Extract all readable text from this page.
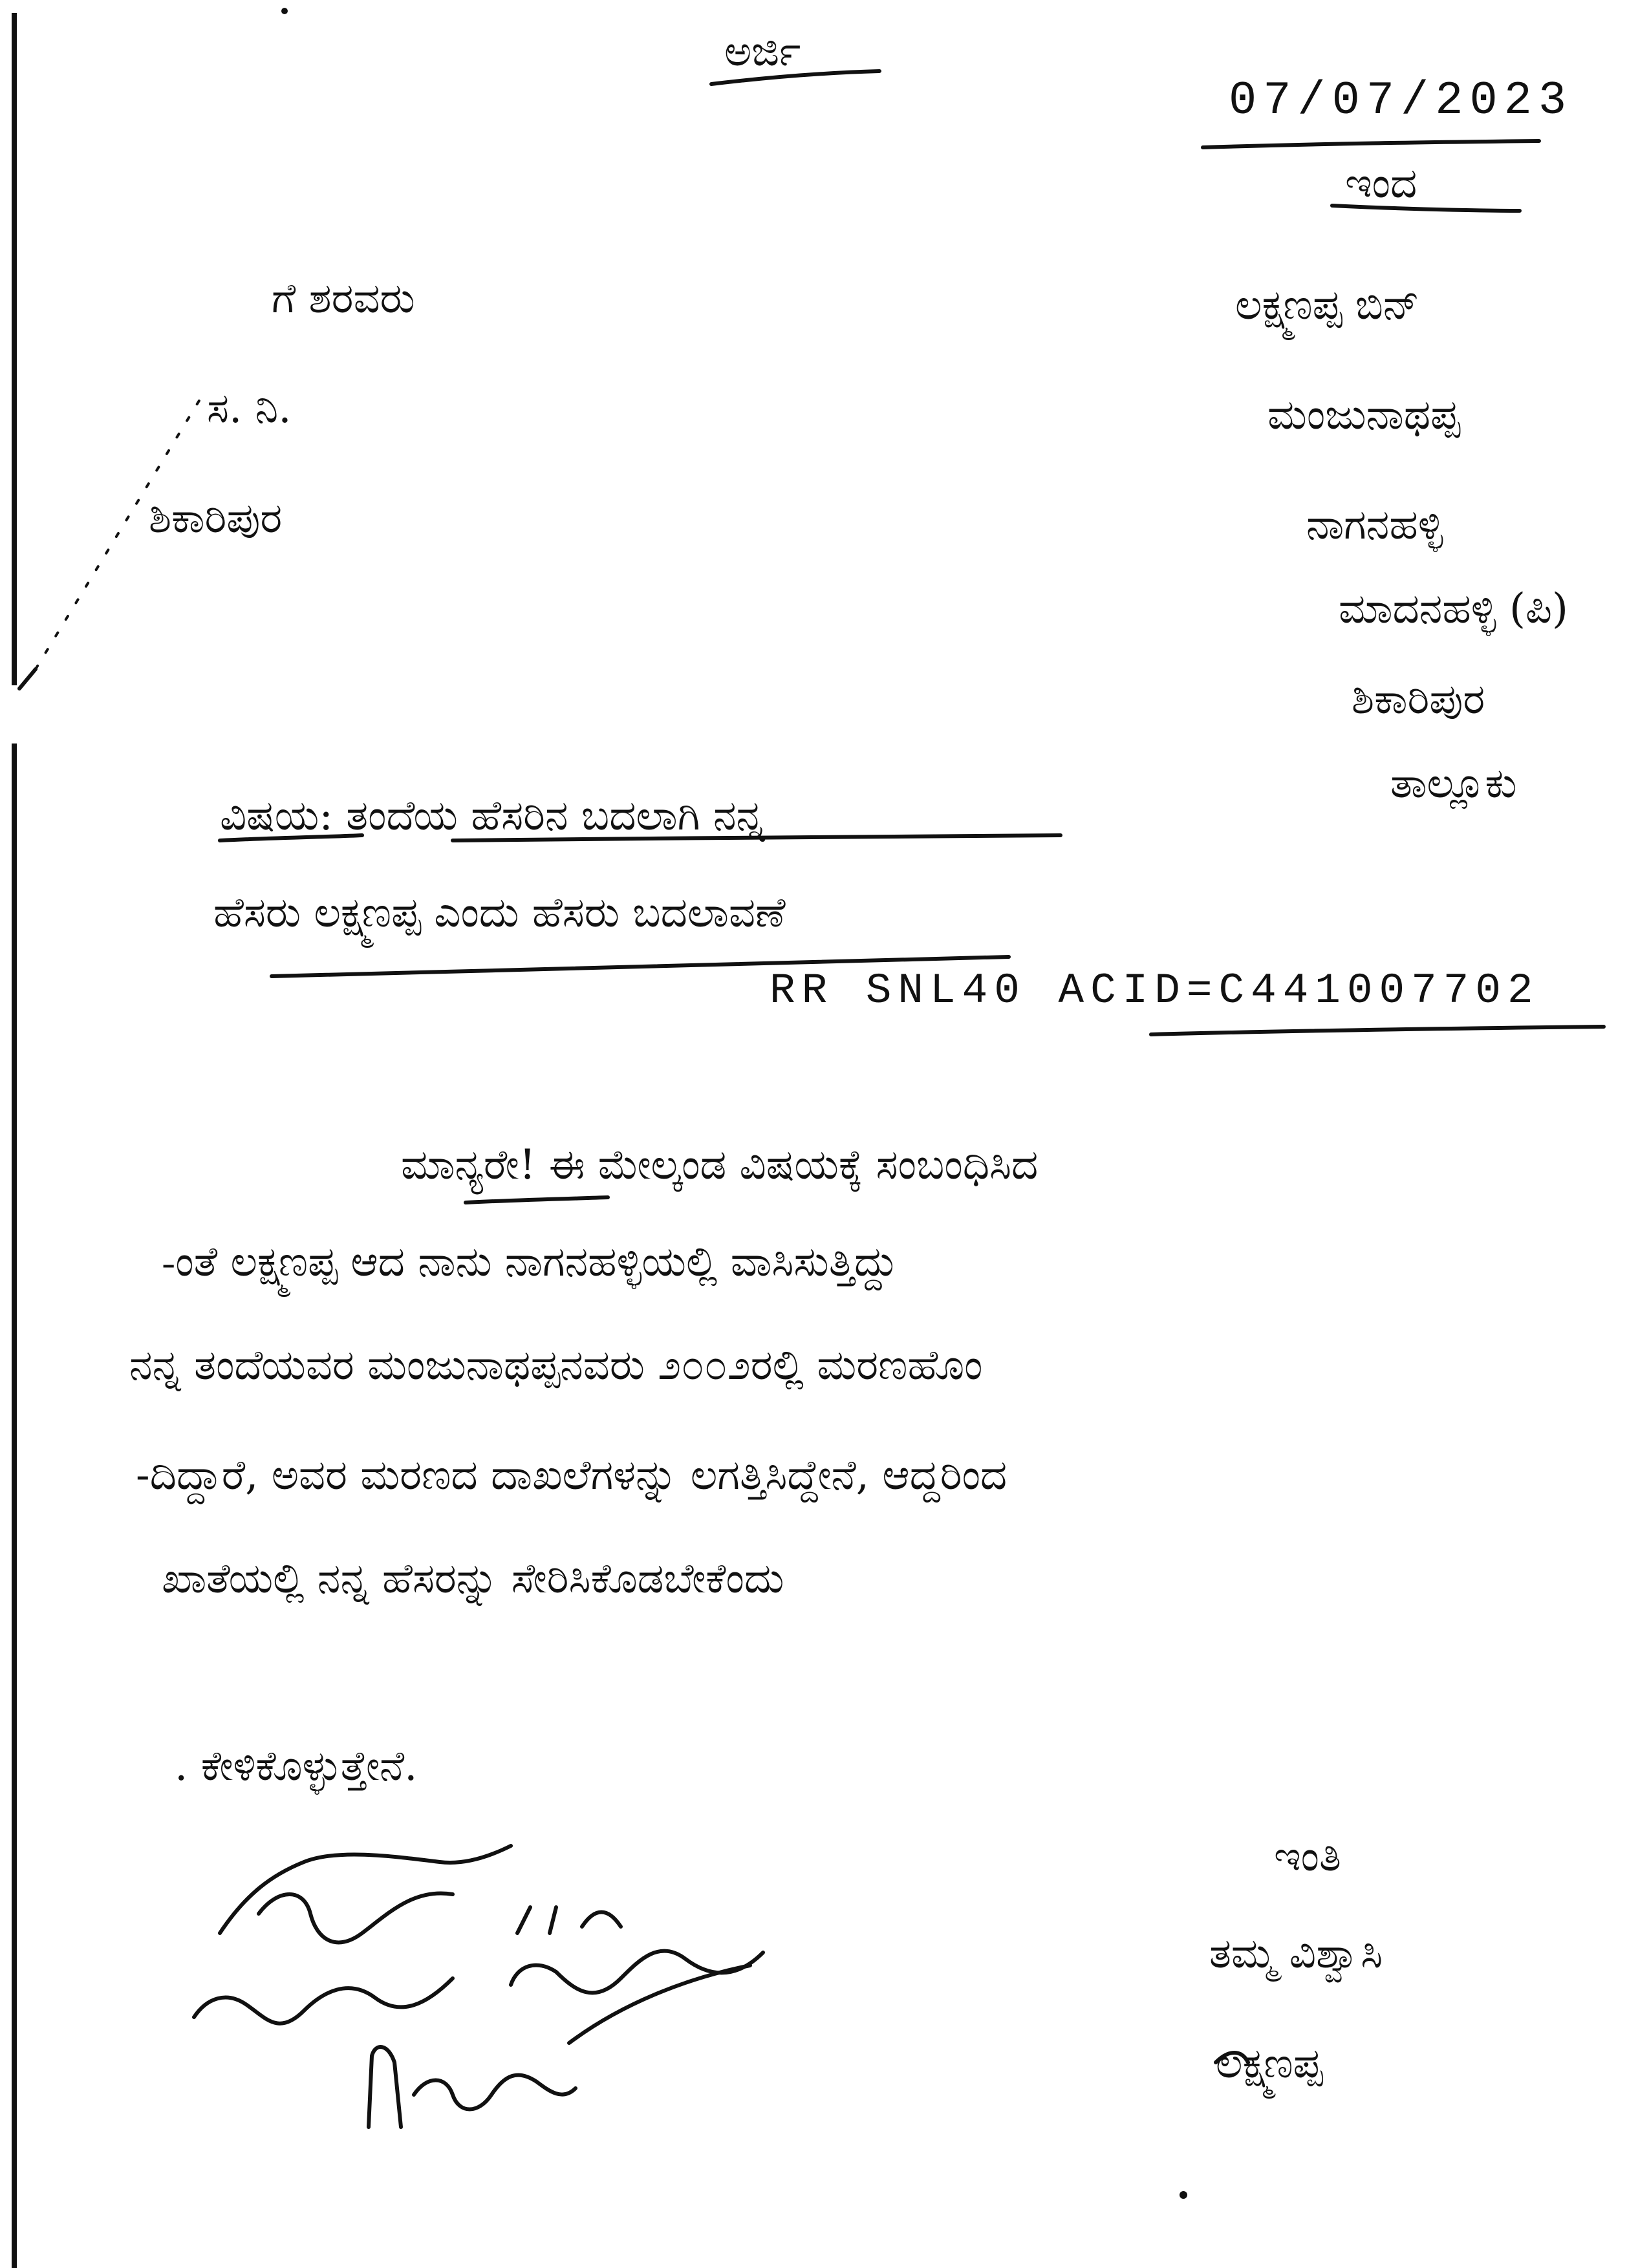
ಅರ್ಜಿ
07/07/2023
ಇಂದ
ಗೆ ಶರವರು
ಸ. ನಿ.
ಶಿಕಾರಿಪುರ
ಲಕ್ಷ್ಮಣಪ್ಪ ಬಿನ್
ಮಂಜುನಾಥಪ್ಪ
ನಾಗನಹಳ್ಳಿ
ಮಾದನಹಳ್ಳಿ (ಪಿ)
ಶಿಕಾರಿಪುರ
ತಾಲ್ಲೂಕು
ವಿಷಯ: ತಂದೆಯ ಹೆಸರಿನ ಬದಲಾಗಿ ನನ್ನ
ಹೆಸರು ಲಕ್ಷ್ಮಣಪ್ಪ ಎಂದು ಹೆಸರು ಬದಲಾವಣೆ
RR SNL40 ACID=C441007702
ಮಾನ್ಯರೇ! ಈ ಮೇಲ್ಕಂಡ ವಿಷಯಕ್ಕೆ ಸಂಬಂಧಿಸಿದ
-ಂತೆ ಲಕ್ಷ್ಮಣಪ್ಪ ಆದ ನಾನು ನಾಗನಹಳ್ಳಿಯಲ್ಲಿ ವಾಸಿಸುತ್ತಿದ್ದು
ನನ್ನ ತಂದೆಯವರ ಮಂಜುನಾಥಪ್ಪನವರು ೨೦೦೨ರಲ್ಲಿ ಮರಣಹೊಂ
-ದಿದ್ದಾರೆ, ಅವರ ಮರಣದ ದಾಖಲೆಗಳನ್ನು ಲಗತ್ತಿಸಿದ್ದೇನೆ, ಆದ್ದರಿಂದ
ಖಾತೆಯಲ್ಲಿ ನನ್ನ ಹೆಸರನ್ನು ಸೇರಿಸಿಕೊಡಬೇಕೆಂದು
. ಕೇಳಿಕೊಳ್ಳುತ್ತೇನೆ.
ಇಂತಿ
ತಮ್ಮ ವಿಶ್ವಾಸಿ
ಲಕ್ಷ್ಮಣಪ್ಪ
